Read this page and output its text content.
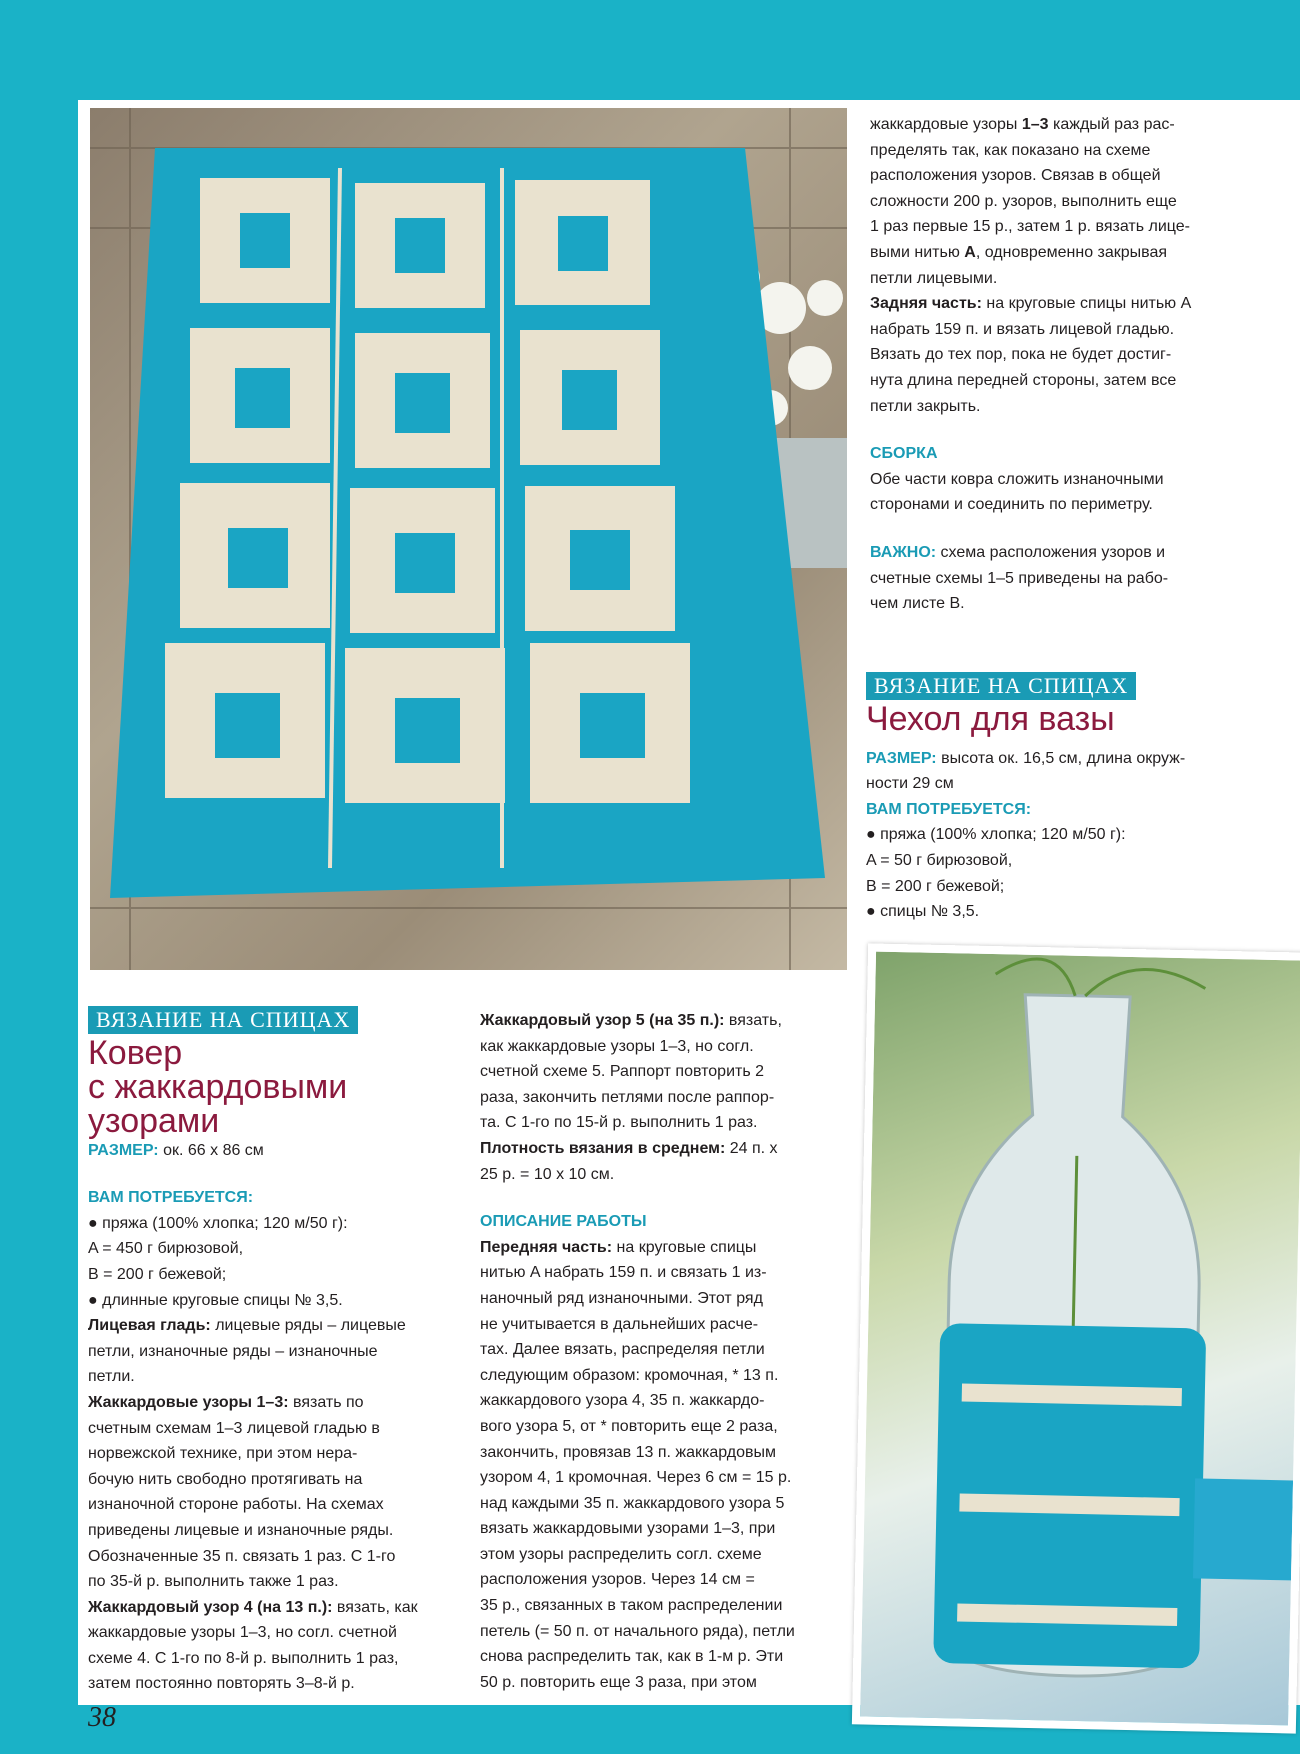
жаккардовые узоры 1–3 каждый раз рас-

пределять так, как показано на схеме

расположения узоров. Связав в общей

сложности 200 р. узоров, выполнить еще

1 раз первые 15 р., затем 1 р. вязать лице-

выми нитью A, одновременно закрывая

петли лицевыми.

Задняя часть: на круговые спицы нитью A

набрать 159 п. и вязать лицевой гладью.

Вязать до тех пор, пока не будет достиг-

нута длина передней стороны, затем все

петли закрыть.

СБОРКА

Обе части ковра сложить изнаночными

сторонами и соединить по периметру.

ВАЖНО: схема расположения узоров и

счетные схемы 1–5 приведены на рабо-

чем листе B.

ВЯЗАНИЕ НА СПИЦАХ

Чехол для вазы

РАЗМЕР: высота ок. 16,5 см, длина окруж-

ности 29 см

ВАМ ПОТРЕБУЕТСЯ:

● пряжа (100% хлопка; 120 м/50 г):

A = 50 г бирюзовой,

B = 200 г бежевой;

● спицы № 3,5.

ВЯЗАНИЕ НА СПИЦАХ

Ковер

с жаккардовыми

узорами

РАЗМЕР: ок. 66 x 86 см

ВАМ ПОТРЕБУЕТСЯ:

● пряжа (100% хлопка; 120 м/50 г):

A = 450 г бирюзовой,

B = 200 г бежевой;

● длинные круговые спицы № 3,5.

Лицевая гладь: лицевые ряды – лицевые

петли, изнаночные ряды – изнаночные

петли.

Жаккардовые узоры 1–3: вязать по

счетным схемам 1–3 лицевой гладью в

норвежской технике, при этом нера-

бочую нить свободно протягивать на

изнаночной стороне работы. На схемах

приведены лицевые и изнаночные ряды.

Обозначенные 35 п. связать 1 раз. С 1-го

по 35-й р. выполнить также 1 раз.

Жаккардовый узор 4 (на 13 п.): вязать, как

жаккардовые узоры 1–3, но согл. счетной

схеме 4. С 1-го по 8-й р. выполнить 1 раз,

затем постоянно повторять 3–8-й р.

Жаккардовый узор 5 (на 35 п.): вязать,

как жаккардовые узоры 1–3, но согл.

счетной схеме 5. Раппорт повторить 2

раза, закончить петлями после раппор-

та. С 1-го по 15-й р. выполнить 1 раз.

Плотность вязания в среднем: 24 п. х

25 р. = 10 х 10 см.

ОПИСАНИЕ РАБОТЫ

Передняя часть: на круговые спицы

нитью A набрать 159 п. и связать 1 из-

наночный ряд изнаночными. Этот ряд

не учитывается в дальнейших расче-

тах. Далее вязать, распределяя петли

следующим образом: кромочная, * 13 п.

жаккардового узора 4, 35 п. жаккардо-

вого узора 5, от * повторить еще 2 раза,

закончить, провязав 13 п. жаккардовым

узором 4, 1 кромочная. Через 6 см = 15 р.

над каждыми 35 п. жаккардового узора 5

вязать жаккардовыми узорами 1–3, при

этом узоры распределить согл. схеме

расположения узоров. Через 14 см =

35 р., связанных в таком распределении

петель (= 50 п. от начального ряда), петли

снова распределить так, как в 1-м р. Эти

50 р. повторить еще 3 раза, при этом

38
